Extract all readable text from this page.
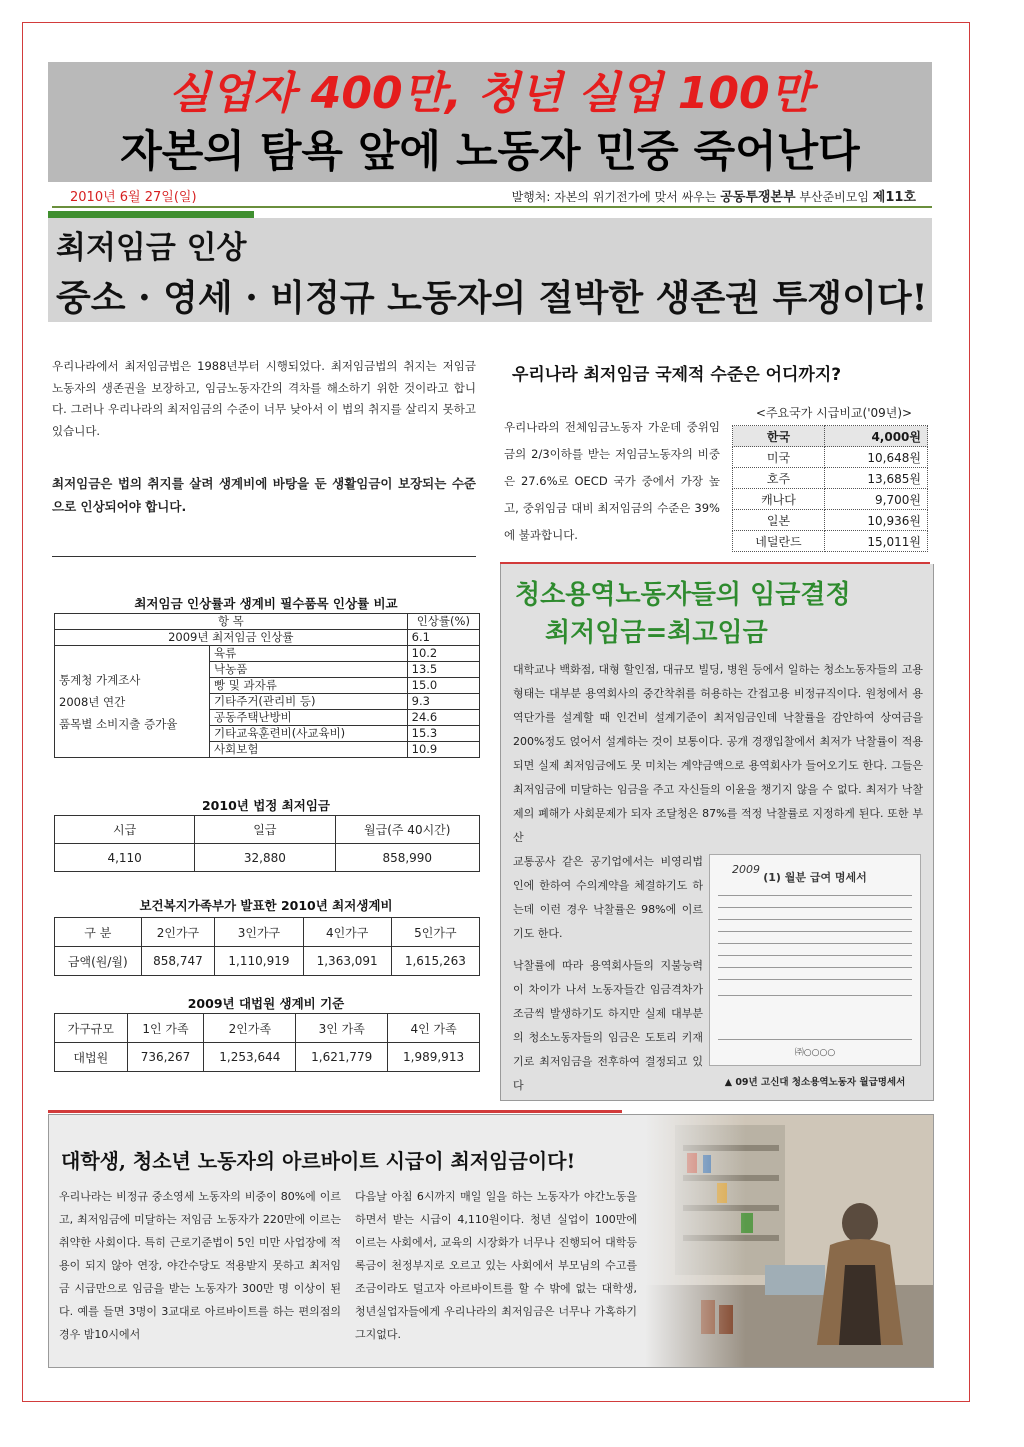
실업자 400만, 청년 실업 100만
자본의 탐욕 앞에 노동자 민중 죽어난다
2010년 6월 27일(일)	발행처: 자본의 위기전가에 맞서 싸우는 공동투쟁본부 부산준비모임 제11호
최저임금 인상
중소 · 영세 · 비정규 노동자의 절박한 생존권 투쟁이다!
우리나라에서 최저임금법은 1988년부터 시행되었다. 최저임금법의 취지는 저임금 노동자의 생존권을 보장하고, 임금노동자간의 격차를 해소하기 위한 것이라고 합니다. 그러나 우리나라의 최저임금의 수준이 너무 낮아서 이 법의 취지를 살리지 못하고 있습니다.
최저임금은 법의 취지를 살려 생계비에 바탕을 둔 생활임금이 보장되는 수준으로 인상되어야 합니다.
우리나라 최저임금 국제적 수준은 어디까지?
우리나라의 전체임금노동자 가운데 중위임금의 2/3이하를 받는 저임금노동자의 비중은 27.6%로 OECD 국가 중에서 가장 높고, 중위임금 대비 최저임금의 수준은 39%에 불과합니다.
<주요국가 시급비교('09년)>
한국	4,000원
미국	10,648원
호주	13,685원
캐나다	9,700원
일본	10,936원
네덜란드	15,011원
최저임금 인상률과 생계비 필수품목 인상률 비교
항 목		인상률(%)
2009년 최저임금 인상률		6.1

통계청 가계조사
2008년 연간
품목별 소비지출 증가율	육류	10.2
	낙농품	13.5
	빵 및 과자류	15.0
	기타주거(관리비 등)	9.3
	공동주택난방비	24.6
	기타교육훈련비(사교육비)	15.3
	사회보험	10.9
2010년 법정 최저임금
시급	일급	월급(주 40시간)
4,110	32,880	858,990
보건복지가족부가 발표한 2010년 최저생계비
구 분	2인가구	3인가구	4인가구	5인가구
금액(원/월)	858,747	1,110,919	1,363,091	1,615,263
2009년 대법원 생계비 기준
가구규모	1인 가족	2인가족	3인 가족	4인 가족
대법원	736,267	1,253,644	1,621,779	1,989,913
청소용역노동자들의 임금결정
최저임금=최고임금
대학교나 백화점, 대형 할인점, 대규모 빌딩, 병원 등에서 일하는 청소노동자들의 고용형태는 대부분 용역회사의 중간착취를 허용하는 간접고용 비정규직이다. 원청에서 용역단가를 설계할 때 인건비 설계기준이 최저임금인데 낙찰률을 감안하여 상여금을 200%정도 얹어서 설계하는 것이 보통이다. 공개 경쟁입찰에서 최저가 낙찰률이 적용되면 실제 최저임금에도 못 미치는 계약금액으로 용역회사가 들어오기도 한다. 그들은 최저임금에 미달하는 임금을 주고 자신들의 이윤을 챙기지 않을 수 없다. 최저가 낙찰제의 폐해가 사회문제가 되자 조달청은 87%를 적정 낙찰률로 지정하게 된다. 또한 부산
교통공사 같은 공기업에서는 비영리법인에 한하여 수의계약을 체결하기도 하는데 이런 경우 낙찰률은 98%에 이르기도 한다.
낙찰률에 따라 용역회사들의 지불능력이 차이가 나서 노동자들간 임금격차가 조금씩 발생하기도 하지만 실제 대부분의 청소노동자들의 임금은 도토리 키재기로 최저임금을 전후하여 결정되고 있다
2009
(1) 월분 급여 명세서
㈜○○○○
▲ 09년 고신대 청소용역노동자 월급명세서
대학생, 청소년 노동자의 아르바이트 시급이 최저임금이다!
우리나라는 비정규 중소영세 노동자의 비중이 80%에 이르고, 최저임금에 미달하는 저임금 노동자가 220만에 이르는 취약한 사회이다. 특히 근로기준법이 5인 미만 사업장에 적용이 되지 않아 연장, 야간수당도 적용받지 못하고 최저임금 시급만으로 임금을 받는 노동자가 300만 명 이상이 된다. 예를 들면 3명이 3교대로 아르바이트를 하는 편의점의 경우 밤10시에서
다음날 아침 6시까지 매일 일을 하는 노동자가 야간노동을 하면서 받는 시급이 4,110원이다. 청년 실업이 100만에 이르는 사회에서, 교육의 시장화가 너무나 진행되어 대학등록금이 천정부지로 오르고 있는 사회에서 부모님의 수고를 조금이라도 덜고자 아르바이트를 할 수 밖에 없는 대학생, 청년실업자들에게 우리나라의 최저임금은 너무나 가혹하기 그지없다.
